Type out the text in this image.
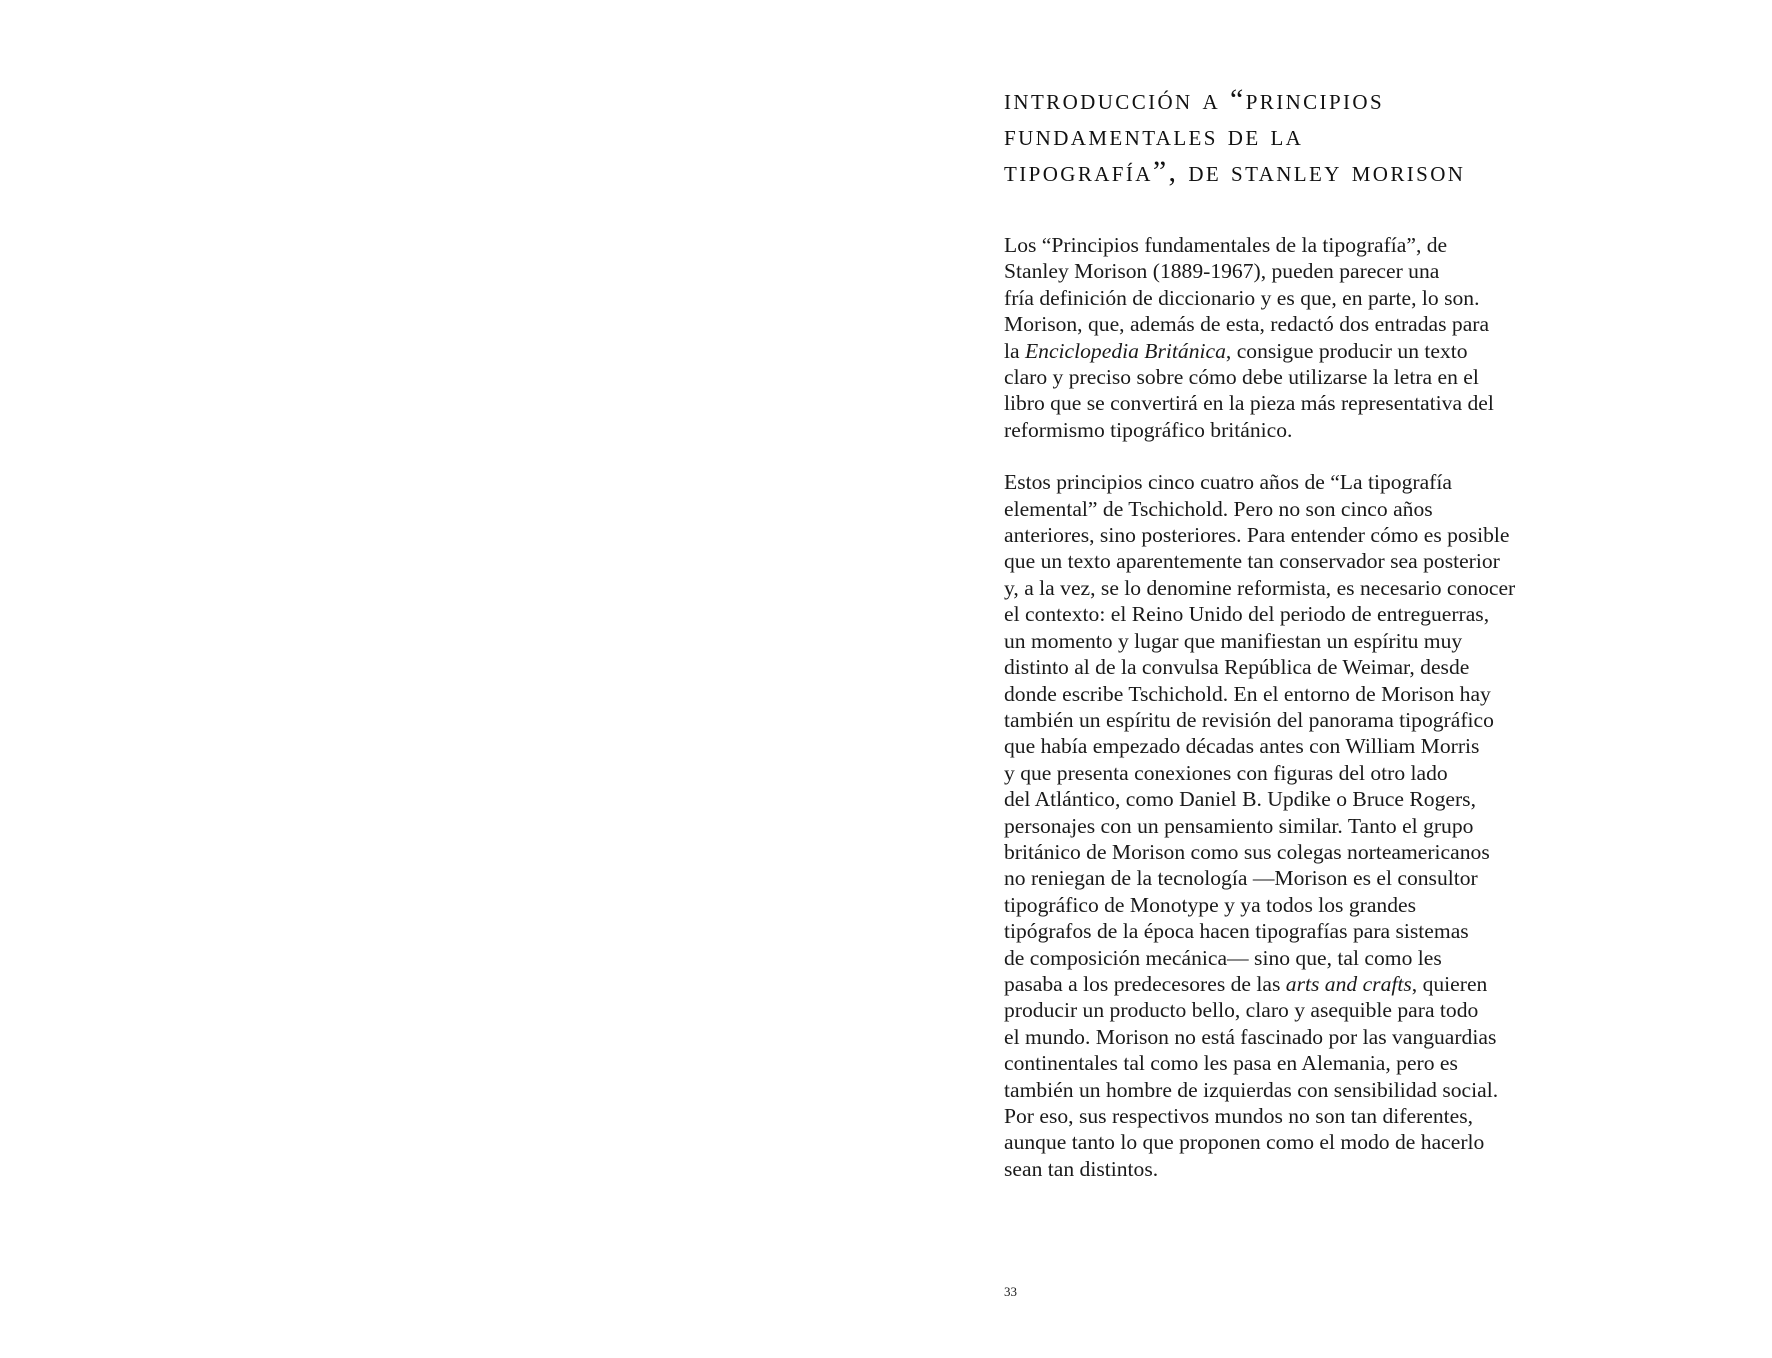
introducción a “principios
fundamentales de la
tipografía”, de stanley morison

Los “Principios fundamentales de la tipografía”, de
Stanley Morison (1889-1967), pueden parecer una
fría definición de diccionario y es que, en parte, lo son.
Morison, que, además de esta, redactó dos entradas para
la Enciclopedia Británica, consigue producir un texto
claro y preciso sobre cómo debe utilizarse la letra en el
libro que se convertirá en la pieza más representativa del
reformismo tipográfico británico.

Estos principios cinco cuatro años de “La tipografía
elemental” de Tschichold. Pero no son cinco años
anteriores, sino posteriores. Para entender cómo es posible
que un texto aparentemente tan conservador sea posterior
y, a la vez, se lo denomine reformista, es necesario conocer
el contexto: el Reino Unido del periodo de entreguerras,
un momento y lugar que manifiestan un espíritu muy
distinto al de la convulsa República de Weimar, desde
donde escribe Tschichold. En el entorno de Morison hay
también un espíritu de revisión del panorama tipográfico
que había empezado décadas antes con William Morris
y que presenta conexiones con figuras del otro lado
del Atlántico, como Daniel B. Updike o Bruce Rogers,
personajes con un pensamiento similar. Tanto el grupo
británico de Morison como sus colegas norteamericanos
no reniegan de la tecnología —Morison es el consultor
tipográfico de Monotype y ya todos los grandes
tipógrafos de la época hacen tipografías para sistemas
de composición mecánica— sino que, tal como les
pasaba a los predecesores de las arts and crafts, quieren
producir un producto bello, claro y asequible para todo
el mundo. Morison no está fascinado por las vanguardias
continentales tal como les pasa en Alemania, pero es
también un hombre de izquierdas con sensibilidad social.
Por eso, sus respectivos mundos no son tan diferentes,
aunque tanto lo que proponen como el modo de hacerlo
sean tan distintos.

33
